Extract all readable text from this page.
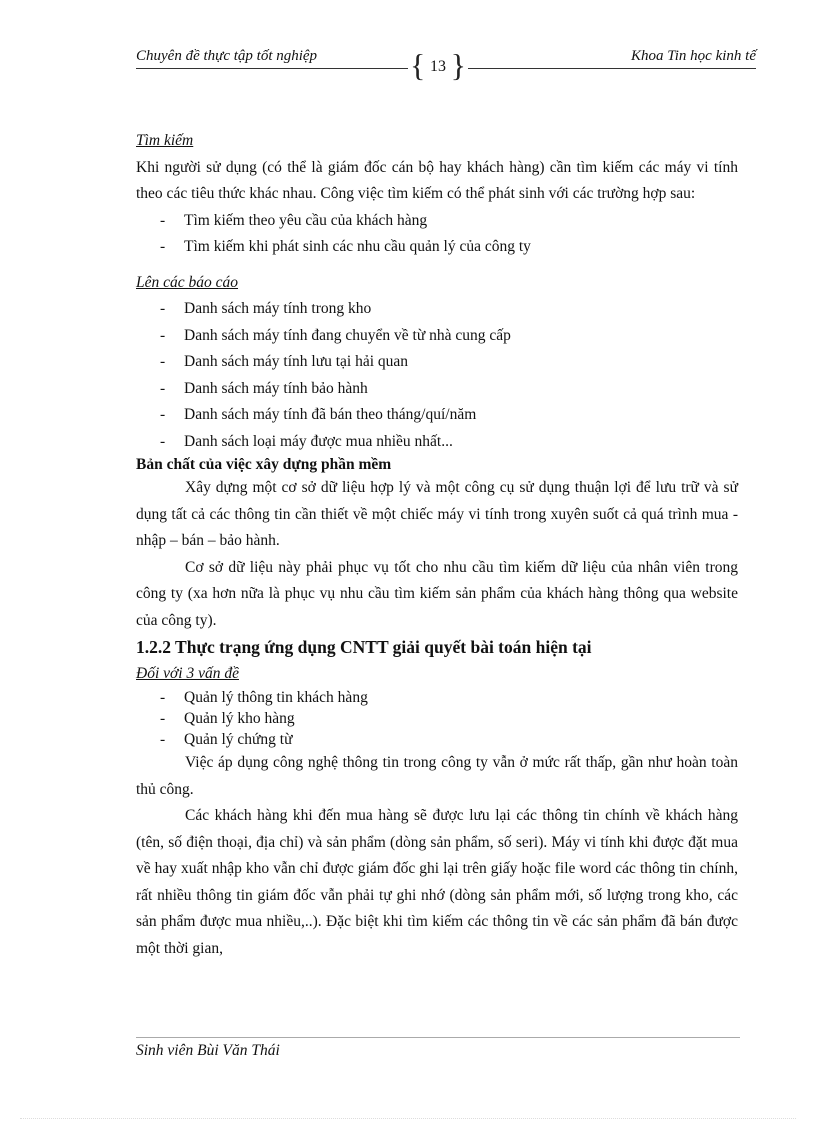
Chuyên đề thực tập tốt nghiệp	{ 13 }	Khoa Tin học kinh tế

Tìm kiếm

Khi người sử dụng (có thể là giám đốc cán bộ hay khách hàng) cần tìm kiếm các máy vi tính theo các tiêu thức khác nhau. Công việc tìm kiếm có thể phát sinh với các trường hợp sau:

- Tìm kiếm theo yêu cầu của khách hàng
- Tìm kiếm khi phát sinh các nhu cầu quản lý của công ty

Lên các báo cáo

- Danh sách máy tính trong kho
- Danh sách máy tính đang chuyển về từ nhà cung cấp
- Danh sách máy tính lưu tại hải quan
- Danh sách máy tính bảo hành
- Danh sách máy tính đã bán theo tháng/quí/năm
- Danh sách loại máy được mua nhiều nhất...

Bản chất của việc xây dựng phần mềm

Xây dựng một cơ sở dữ liệu hợp lý và một công cụ sử dụng thuận lợi để lưu trữ và sử dụng tất cả các thông tin cần thiết về một chiếc máy vi tính trong xuyên suốt cả quá trình mua - nhập – bán – bảo hành.

Cơ sở dữ liệu này phải phục vụ tốt cho nhu cầu tìm kiếm dữ liệu của nhân viên trong công ty (xa hơn nữa là phục vụ nhu cầu tìm kiếm sản phẩm của khách hàng thông qua website của công ty).

1.2.2 Thực trạng ứng dụng CNTT giải quyết bài toán hiện tại

Đối với 3 vấn đề

- Quản lý thông tin khách hàng
- Quản lý kho hàng
- Quản lý chứng từ

Việc áp dụng công nghệ thông tin trong công ty vẫn ở mức rất thấp, gần như hoàn toàn thủ công.

Các khách hàng khi đến mua hàng sẽ được lưu lại các thông tin chính về khách hàng (tên, số điện thoại, địa chỉ) và sản phẩm (dòng sản phẩm, số seri). Máy vi tính khi được đặt mua về hay xuất nhập kho vẫn chỉ được giám đốc ghi lại trên giấy hoặc file word các thông tin chính, rất nhiều thông tin giám đốc vẫn phải tự ghi nhớ (dòng sản phẩm mới, số lượng trong kho, các sản phẩm được mua nhiều,..). Đặc biệt khi tìm kiếm các thông tin về các sản phẩm đã bán được một thời gian,

Sinh viên Bùi Văn Thái
